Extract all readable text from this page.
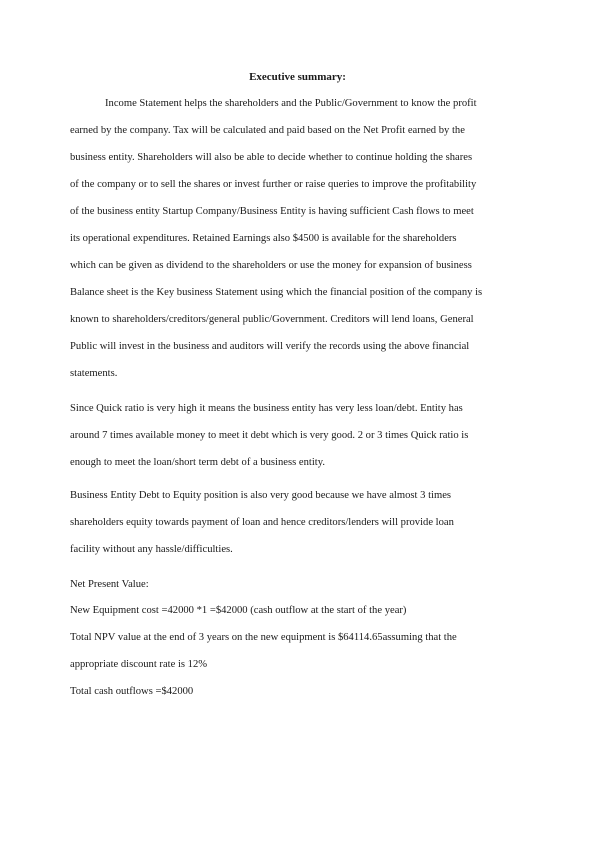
Executive summary:
Income Statement helps the shareholders and the Public/Government to know the profit
earned by the company. Tax will be calculated and paid based on the Net Profit earned by the
business entity. Shareholders will also be able to decide whether to continue holding the shares
of the company or to sell the shares or invest further or raise queries to improve the profitability
of the business entity Startup Company/Business Entity is having sufficient Cash flows to meet
its operational expenditures. Retained Earnings also $4500 is available for the shareholders
which can be given as dividend to the shareholders or use the money for expansion of business
Balance sheet is the Key business Statement using which the financial position of the company is
known to shareholders/creditors/general public/Government. Creditors will lend loans, General
Public will invest in the business and auditors will verify the records using the above financial
statements.
Since Quick ratio is very high it means the business entity has very less loan/debt. Entity has
around 7 times available money to meet it debt which is very good. 2 or 3 times Quick ratio is
enough to meet the loan/short term debt of a business entity.
Business Entity Debt to Equity position is also very good because we have almost 3 times
shareholders equity towards payment of loan and hence creditors/lenders will provide loan
facility without any hassle/difficulties.
Net Present Value:
New Equipment cost =42000 *1 =$42000 (cash outflow at the start of the year)
Total NPV value at the end of 3 years on the new equipment is $64114.65assuming that the
appropriate discount rate is 12%
Total cash outflows =$42000
